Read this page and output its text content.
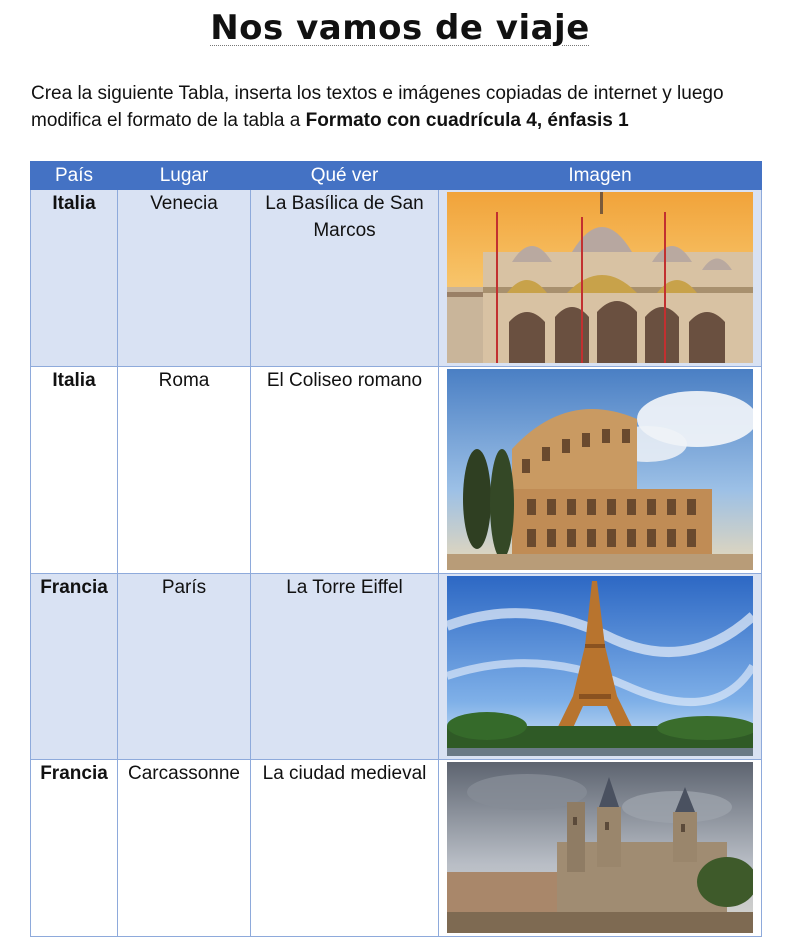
Nos vamos de viaje
Crea la siguiente Tabla, inserta los textos e imágenes copiadas de internet y luego modifica el formato de la tabla a Formato con cuadrícula 4, énfasis 1
País	Lugar	Qué ver	Imagen
Italia	Venecia	La Basílica de San Marcos	

Italia	Roma	El Coliseo romano	

Francia	París	La Torre Eiffel	

Francia	Carcassonne	La ciudad medieval	
